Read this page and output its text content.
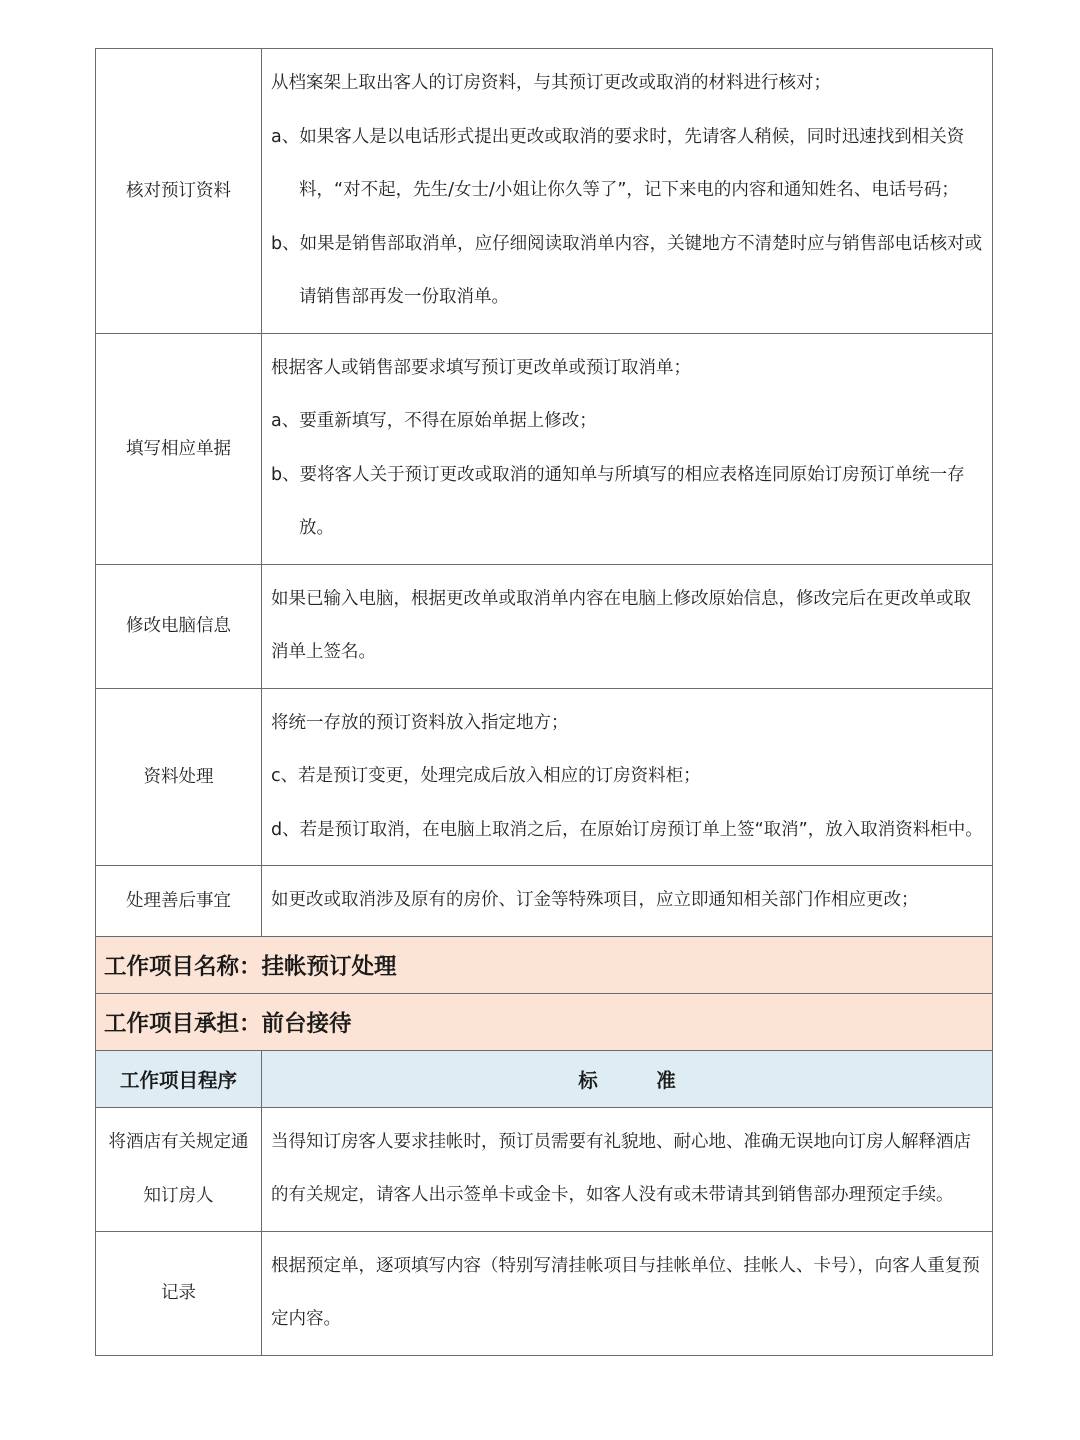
核对预订资料	从档案架上取出客人的订房资料，与其预订更改或取消的材料进行核对；
a、如果客人是以电话形式提出更改或取消的要求时，先请客人稍候，同时迅速找到相关资料，“对不起，先生/女士/小姐让你久等了”，记下来电的内容和通知姓名、电话号码；
b、如果是销售部取消单，应仔细阅读取消单内容，关键地方不清楚时应与销售部电话核对或请销售部再发一份取消单。

填写相应单据	根据客人或销售部要求填写预订更改单或预订取消单；
a、要重新填写，不得在原始单据上修改；
b、要将客人关于预订更改或取消的通知单与所填写的相应表格连同原始订房预订单统一存放。

修改电脑信息	如果已输入电脑，根据更改单或取消单内容在电脑上修改原始信息，修改完后在更改单或取消单上签名。

资料处理	将统一存放的预订资料放入指定地方；
c、若是预订变更，处理完成后放入相应的订房资料柜；
d、若是预订取消，在电脑上取消之后，在原始订房预订单上签“取消”，放入取消资料柜中。

处理善后事宜	如更改或取消涉及原有的房价、订金等特殊项目，应立即通知相关部门作相应更改；

工作项目名称：挂帐预订处理	
工作项目承担：前台接待	
工作项目程序	标　　　准
将酒店有关规定通知订房人	当得知订房客人要求挂帐时，预订员需要有礼貌地、耐心地、准确无误地向订房人解释酒店的有关规定，请客人出示签单卡或金卡，如客人没有或未带请其到销售部办理预定手续。

记录	根据预定单，逐项填写内容（特别写清挂帐项目与挂帐单位、挂帐人、卡号），向客人重复预定内容。
